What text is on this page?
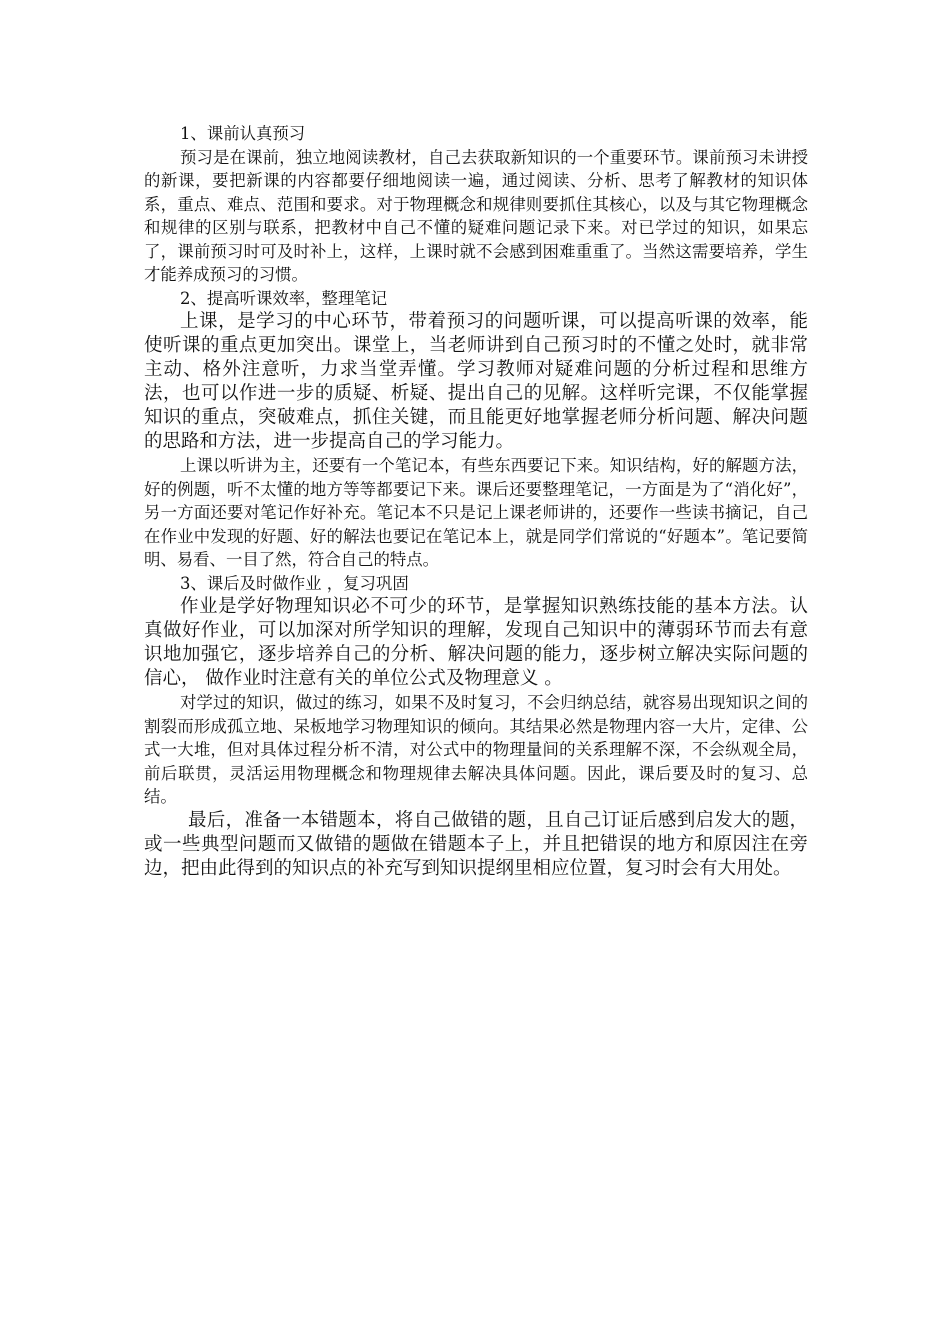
1、课前认真预习

预习是在课前，独立地阅读教材，自己去获取新知识的一个重要环节。课前预习未讲授的新课，要把新课的内容都要仔细地阅读一遍，通过阅读、分析、思考了解教材的知识体系，重点、难点、范围和要求。对于物理概念和规律则要抓住其核心，以及与其它物理概念和规律的区别与联系，把教材中自己不懂的疑难问题记录下来。对已学过的知识，如果忘了，课前预习时可及时补上，这样，上课时就不会感到困难重重了。当然这需要培养，学生才能养成预习的习惯。

2、提高听课效率，整理笔记

上课，是学习的中心环节，带着预习的问题听课，可以提高听课的效率，能使听课的重点更加突出。课堂上，当老师讲到自己预习时的不懂之处时，就非常主动、格外注意听，力求当堂弄懂。学习教师对疑难问题的分析过程和思维方法，也可以作进一步的质疑、析疑、提出自己的见解。这样听完课，不仅能掌握知识的重点，突破难点，抓住关键，而且能更好地掌握老师分析问题、解决问题的思路和方法，进一步提高自己的学习能力。

上课以听讲为主，还要有一个笔记本，有些东西要记下来。知识结构，好的解题方法，好的例题，听不太懂的地方等等都要记下来。课后还要整理笔记，一方面是为了“消化好”，另一方面还要对笔记作好补充。笔记本不只是记上课老师讲的，还要作一些读书摘记，自己在作业中发现的好题、好的解法也要记在笔记本上，就是同学们常说的“好题本”。笔记要简明、易看、一目了然，符合自己的特点。

3、课后及时做作业 ，复习巩固

作业是学好物理知识必不可少的环节，是掌握知识熟练技能的基本方法。认真做好作业，可以加深对所学知识的理解，发现自己知识中的薄弱环节而去有意识地加强它，逐步培养自己的分析、解决问题的能力，逐步树立解决实际问题的信心， 做作业时注意有关的单位公式及物理意义 。

对学过的知识，做过的练习，如果不及时复习，不会归纳总结，就容易出现知识之间的割裂而形成孤立地、呆板地学习物理知识的倾向。其结果必然是物理内容一大片，定律、公式一大堆，但对具体过程分析不清，对公式中的物理量间的关系理解不深，不会纵观全局，前后联贯，灵活运用物理概念和物理规律去解决具体问题。因此，课后要及时的复习、总结。

最后，准备一本错题本，将自己做错的题，且自己订证后感到启发大的题，或一些典型问题而又做错的题做在错题本子上，并且把错误的地方和原因注在旁边，把由此得到的知识点的补充写到知识提纲里相应位置，复习时会有大用处。
